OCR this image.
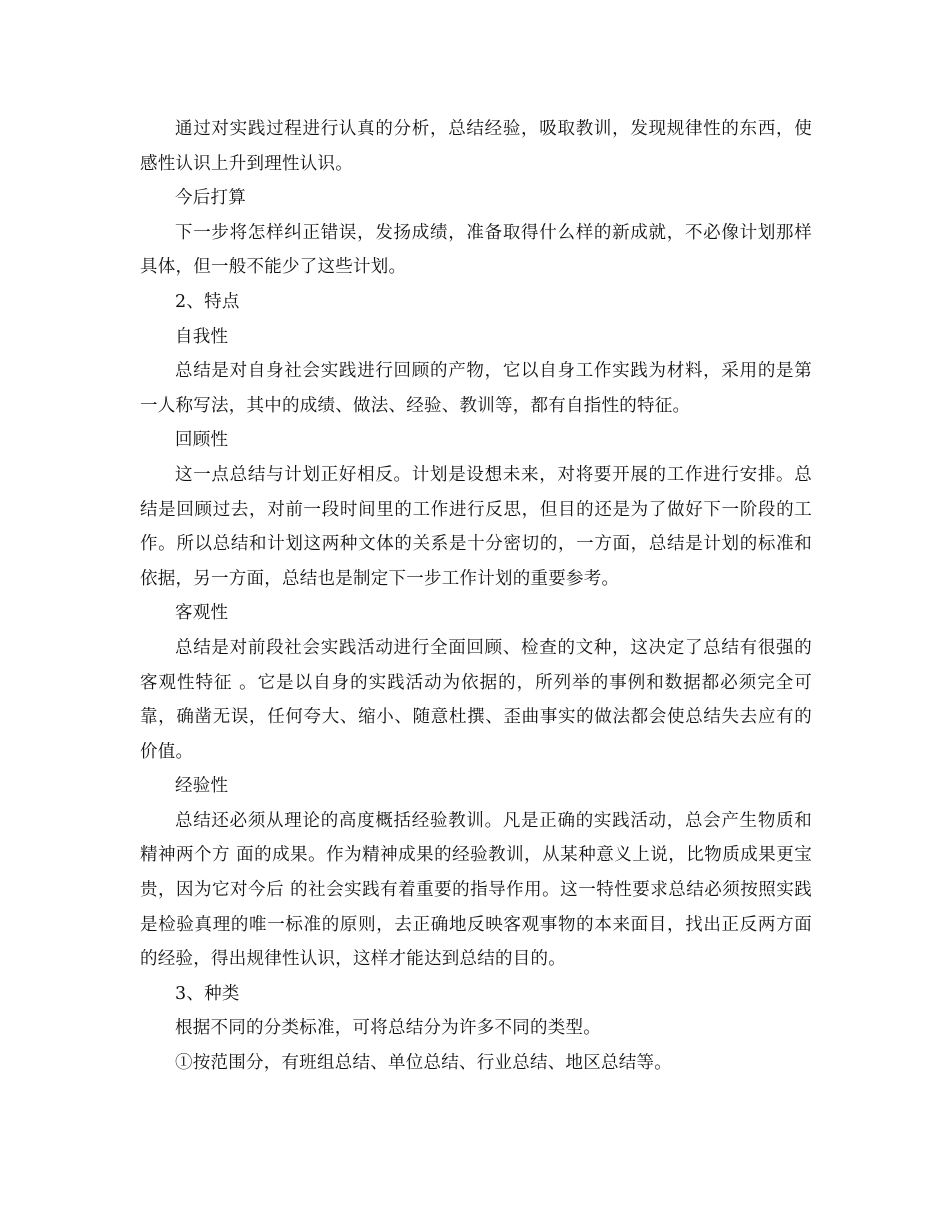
通过对实践过程进行认真的分析，总结经验，吸取教训，发现规律性的东西，使感性认识上升到理性认识。

今后打算

下一步将怎样纠正错误，发扬成绩，准备取得什么样的新成就，不必像计划那样具体，但一般不能少了这些计划。

2、特点

自我性

总结是对自身社会实践进行回顾的产物，它以自身工作实践为材料，采用的是第一人称写法，其中的成绩、做法、经验、教训等，都有自指性的特征。

回顾性

这一点总结与计划正好相反。计划是设想未来，对将要开展的工作进行安排。总结是回顾过去，对前一段时间里的工作进行反思，但目的还是为了做好下一阶段的工作。所以总结和计划这两种文体的关系是十分密切的，一方面，总结是计划的标准和依据，另一方面，总结也是制定下一步工作计划的重要参考。

客观性

总结是对前段社会实践活动进行全面回顾、检查的文种，这决定了总结有很强的客观性特征 。它是以自身的实践活动为依据的，所列举的事例和数据都必须完全可靠，确凿无误，任何夸大、缩小、随意杜撰、歪曲事实的做法都会使总结失去应有的价值。

经验性

总结还必须从理论的高度概括经验教训。凡是正确的实践活动，总会产生物质和精神两个方 面的成果。作为精神成果的经验教训，从某种意义上说，比物质成果更宝贵，因为它对今后 的社会实践有着重要的指导作用。这一特性要求总结必须按照实践是检验真理的唯一标准的原则，去正确地反映客观事物的本来面目，找出正反两方面的经验，得出规律性认识，这样才能达到总结的目的。

3、种类

根据不同的分类标准，可将总结分为许多不同的类型。

①按范围分，有班组总结、单位总结、行业总结、地区总结等。
